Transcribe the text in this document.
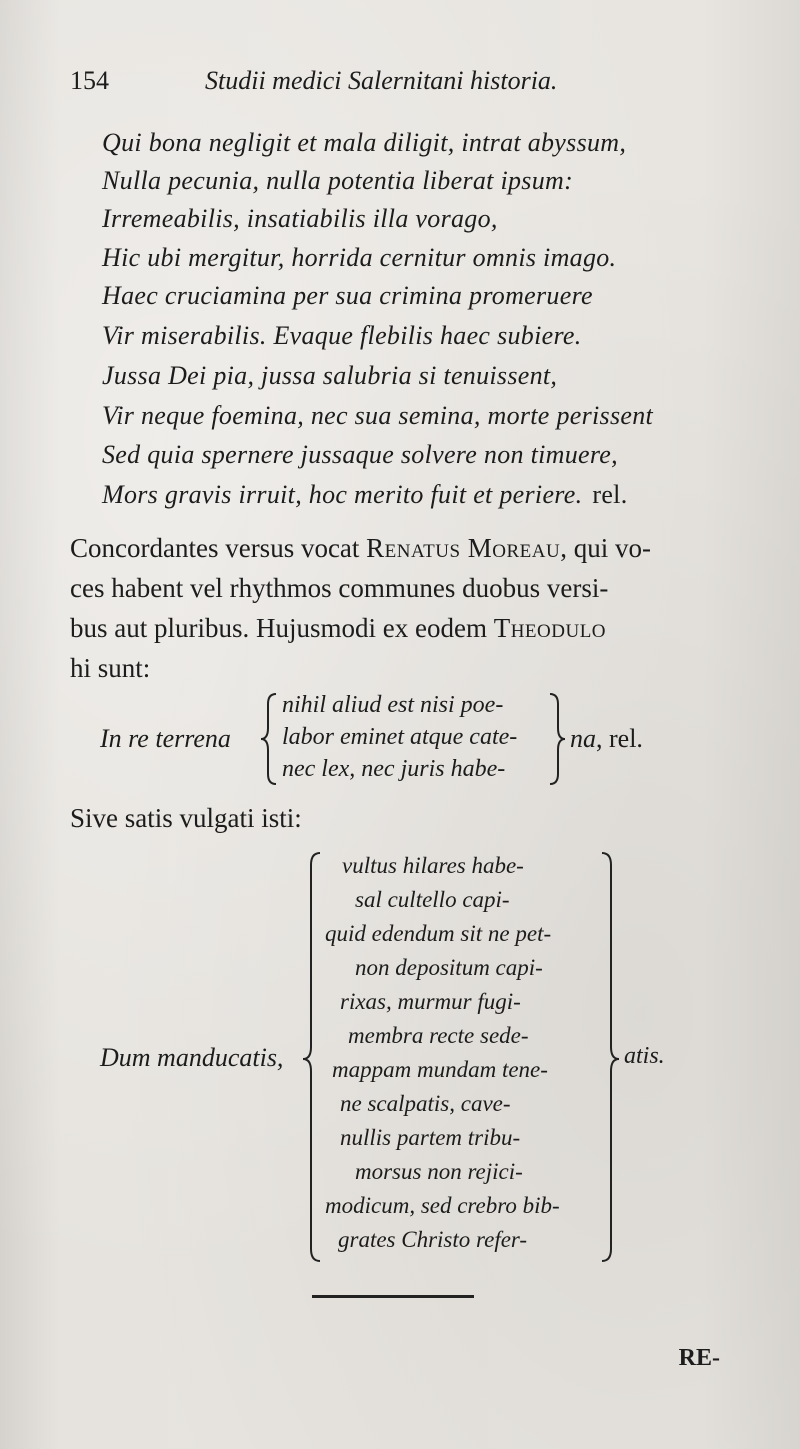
154	Studii medici Salernitani historia.
Qui bona negligit et mala diligit, intrat abyssum,
Nulla pecunia, nulla potentia liberat ipsum:
Irremeabilis, insatiabilis illa vorago,
Hic ubi mergitur, horrida cernitur omnis imago.
Haec cruciamina per sua crimina promeruere
Vir miserabilis. Evaque flebilis haec subiere.
Jussa Dei pia, jussa salubria si tenuissent,
Vir neque foemina, nec sua semina, morte perissent
Sed quia spernere jussaque solvere non timuere,
Mors gravis irruit, hoc merito fuit et periere. rel.
Concordantes versus vocat Renatus Moreau, qui vo-
ces habent vel rhythmos communes duobus versi-
bus aut pluribus. Hujusmodi ex eodem Theodulo
hi sunt:
In re terrena
nihil aliud est nisi poe-
labor eminet atque cate-
nec lex, nec juris habe-
na, rel.
Sive satis vulgati isti:
Dum manducatis,
vultus hilares habe-
sal cultello capi-
quid edendum sit ne pet-
non depositum capi-
rixas, murmur fugi-
membra recte sede-
mappam mundam tene-
ne scalpatis, cave-
nullis partem tribu-
morsus non rejici-
modicum, sed crebro bib-
grates Christo refer-
atis.
RE-
